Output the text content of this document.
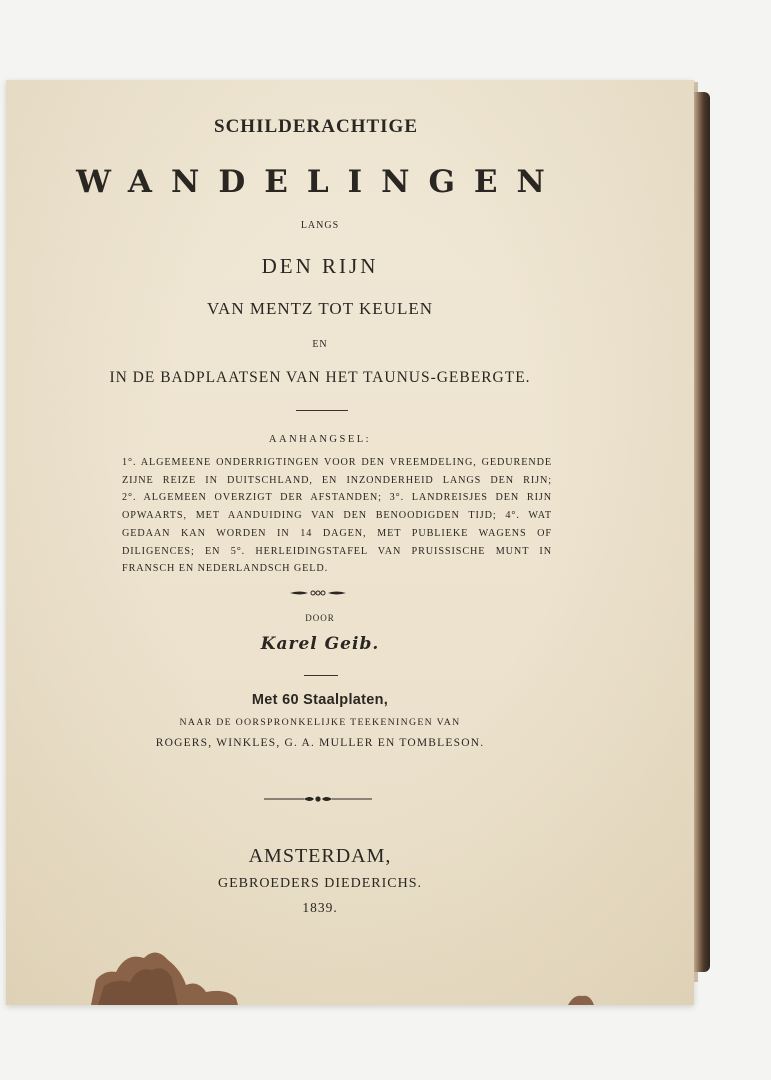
SCHILDERACHTIGE
WANDELINGEN
LANGS
DEN RIJN
VAN MENTZ TOT KEULEN
EN
IN DE BADPLAATSEN VAN HET TAUNUS-GEBERGTE.
AANHANGSEL:
1°. ALGEMEENE ONDERRIGTINGEN VOOR DEN VREEMDELING, GEDURENDE
ZIJNE REIZE IN DUITSCHLAND, EN INZONDERHEID LANGS DEN RIJN;
2°. ALGEMEEN OVERZIGT DER AFSTANDEN; 3°. LANDREISJES DEN RIJN
OPWAARTS, MET AANDUIDING VAN DEN BENOODIGDEN TIJD; 4°. WAT
GEDAAN KAN WORDEN IN 14 DAGEN, MET PUBLIEKE WAGENS OF
DILIGENCES; EN 5°. HERLEIDINGSTAFEL VAN PRUISSISCHE MUNT IN
FRANSCH EN NEDERLANDSCH GELD.
DOOR
Karel Geib.
Met 60 Staalplaten,
NAAR DE OORSPRONKELIJKE TEEKENINGEN VAN
ROGERS, WINKLES, G. A. MULLER EN TOMBLESON.
AMSTERDAM,
GEBROEDERS DIEDERICHS.
1839.
